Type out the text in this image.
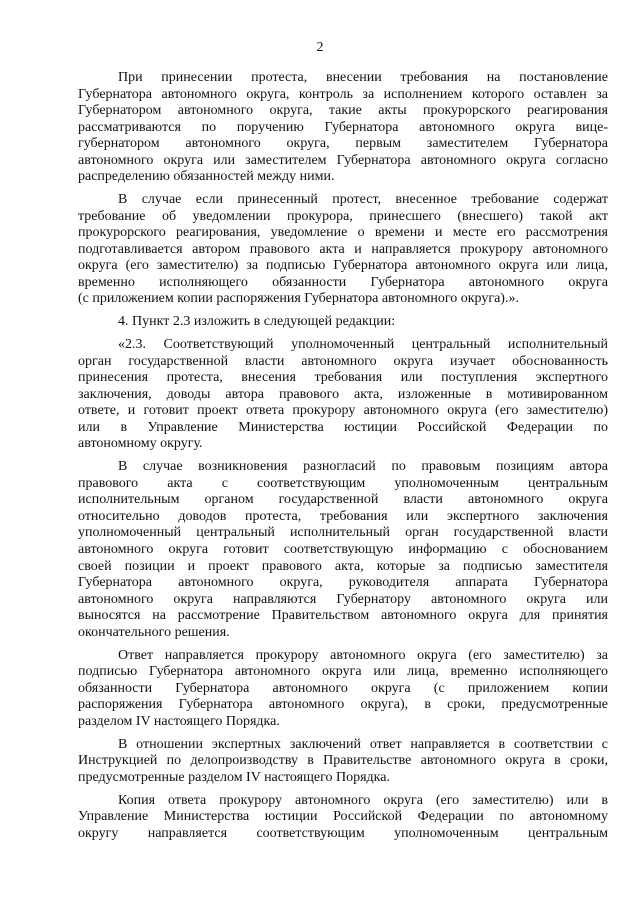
2
При принесении протеста, внесении требования на постановление
Губернатора автономного округа, контроль за исполнением которого оставлен за
Губернатором автономного округа, такие акты прокурорского реагирования
рассматриваются по поручению Губернатора автономного округа вице-
губернатором автономного округа, первым заместителем Губернатора
автономного округа или заместителем Губернатора автономного округа согласно
распределению обязанностей между ними.
В случае если принесенный протест, внесенное требование содержат
требование об уведомлении прокурора, принесшего (внесшего) такой акт
прокурорского реагирования, уведомление о времени и месте его рассмотрения
подготавливается автором правового акта и направляется прокурору автономного
округа (его заместителю) за подписью Губернатора автономного округа или лица,
временно исполняющего обязанности Губернатора автономного округа
(с приложением копии распоряжения Губернатора автономного округа).».
4. Пункт 2.3 изложить в следующей редакции:
«2.3. Соответствующий уполномоченный центральный исполнительный
орган государственной власти автономного округа изучает обоснованность
принесения протеста, внесения требования или поступления экспертного
заключения, доводы автора правового акта, изложенные в мотивированном
ответе, и готовит проект ответа прокурору автономного округа (его заместителю)
или в Управление Министерства юстиции Российской Федерации по
автономному округу.
В случае возникновения разногласий по правовым позициям автора
правового акта с соответствующим уполномоченным центральным
исполнительным органом государственной власти автономного округа
относительно доводов протеста, требования или экспертного заключения
уполномоченный центральный исполнительный орган государственной власти
автономного округа готовит соответствующую информацию с обоснованием
своей позиции и проект правового акта, которые за подписью заместителя
Губернатора автономного округа, руководителя аппарата Губернатора
автономного округа направляются Губернатору автономного округа или
выносятся на рассмотрение Правительством автономного округа для принятия
окончательного решения.
Ответ направляется прокурору автономного округа (его заместителю) за
подписью Губернатора автономного округа или лица, временно исполняющего
обязанности Губернатора автономного округа (с приложением копии
распоряжения Губернатора автономного округа), в сроки, предусмотренные
разделом IV настоящего Порядка.
В отношении экспертных заключений ответ направляется в соответствии с
Инструкцией по делопроизводству в Правительстве автономного округа в сроки,
предусмотренные разделом IV настоящего Порядка.
Копия ответа прокурору автономного округа (его заместителю) или в
Управление Министерства юстиции Российской Федерации по автономному
округу направляется соответствующим уполномоченным центральным
